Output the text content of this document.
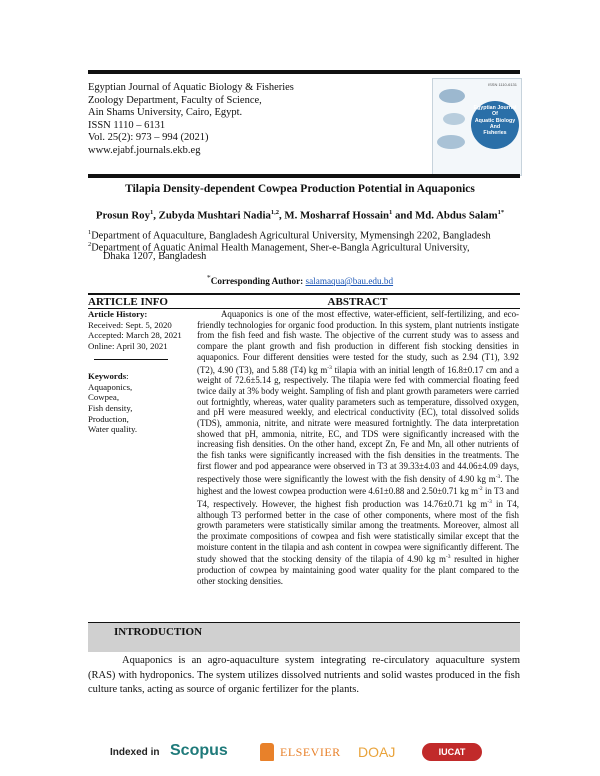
Egyptian Journal of Aquatic Biology & Fisheries
Zoology Department, Faculty of Science,
Ain Shams University, Cairo, Egypt.
ISSN 1110 – 6131
Vol. 25(2): 973 – 994 (2021)
www.ejabf.journals.ekb.eg
ISSN 1110-6131
Egyptian Journal
Of
Aquatic Biology
And
Fisheries
Tilapia Density-dependent Cowpea Production Potential in Aquaponics
Prosun Roy$^1$, Zubyda Mushtari Nadia$^{1,2}$, M. Mosharraf Hossain$^1$ and Md. Abdus Salam$^{1*}$
$^1$Department of Aquaculture, Bangladesh Agricultural University, Mymensingh 2202, Bangladesh
$^2$Department of Aquatic Animal Health Management, Sher-e-Bangla Agricultural University,
Dhaka 1207, Bangladesh
*Corresponding Author: salamaqua@bau.edu.bd
ARTICLE INFO	ABSTRACT
Article History:
Received: Sept. 5, 2020
Accepted: March 28, 2021
Online: April 30, 2021
Keywords:
Aquaponics,
Cowpea,
Fish density,
Production,
Water quality.
Aquaponics is one of the most effective, water-efficient, self-fertilizing, and eco-friendly technologies for organic food production. In this system, plant nutrients instigate from the fish feed and fish waste. The objective of the current study was to assess and compare the plant growth and fish production in different fish stocking densities in aquaponics. Four different densities were tested for the study, such as 2.94 (T1), 3.92 (T2), 4.90 (T3), and 5.88 (T4) kg $m^{-3}$ tilapia with an initial length of 16.8±0.17 cm and a weight of 72.6±5.14 g, respectively. The tilapia were fed with commercial floating feed twice daily at 3% body weight. Sampling of fish and plant growth parameters were carried out fortnightly, whereas, water quality parameters such as temperature, dissolved oxygen, and pH were measured weekly, and electrical conductivity (EC), total dissolved solids (TDS), ammonia, nitrite, and nitrate were measured fortnightly. The data interpretation showed that pH, ammonia, nitrite, EC, and TDS were significantly increased with the increasing fish densities. On the other hand, except Zn, Fe and Mn, all other nutrients of the fish tanks were significantly increased with the fish densities in the treatments. The first flower and pod appearance were observed in T3 at 39.33±4.03 and 44.06±4.09 days, respectively those were significantly the lowest with the fish density of 4.90 kg $m^{-3}$. The highest and the lowest cowpea production were 4.61±0.88 and 2.50±0.71 kg $m^{-2}$ in T3 and T4, respectively. However, the highest fish production was 14.76±0.71 kg $m^{-3}$ in T4, although T3 performed better in the case of other components, where most of the fish growth parameters were statistically similar among the treatments. Moreover, almost all the proximate compositions of cowpea and fish were statistically similar except that the moisture content in the tilapia and ash content in cowpea were significantly different. The study showed that the stocking density of the tilapia of 4.90 kg $m^{-3}$ resulted in higher production of cowpea by maintaining good water quality for the plant compared to the other stocking densities.
INTRODUCTION
Aquaponics is an agro-aquaculture system integrating re-circulatory aquaculture system (RAS) with hydroponics. The system utilizes dissolved nutrients and solid wastes produced in the fish culture tanks, acting as source of organic fertilizer for the plants.
Indexed in Scopus	ELSEVIER DOAJ	IUCAT
